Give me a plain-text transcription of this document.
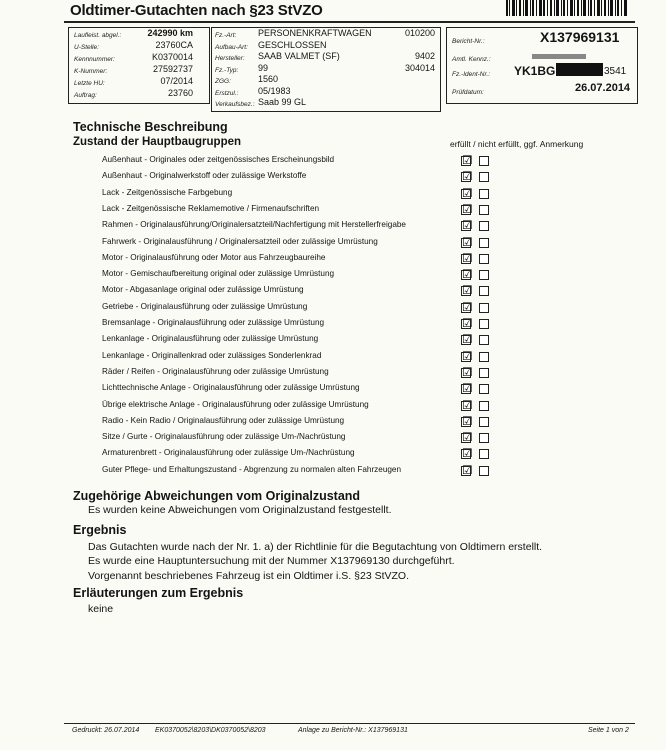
Oldtimer-Gutachten nach §23 StVZO
Laufleist. abgel.:	242990 km
U-Stelle:	23760CA
Kennnummer:	K0370014
K-Nummer:	27592737
Letzte HU:	07/2014
Auftrag:	23760
Fz.-Art: PERSONENKRAFTWAGEN	010200
Aufbau-Art: GESCHLOSSEN
Hersteller: SAAB VALMET (SF)	9402
Fz.-Typ: 99	304014
ZGG:	1560
Erstzul.: 05/1983
Verkaufsbez.: Saab 99 GL
Bericht-Nr.:	X137969131
Amtl. Kennz.:
Fz.-Ident-Nr.: YK1BG	3541
Prüfdatum:	26.07.2014
Technische Beschreibung
Zustand der Hauptbaugruppen	erfüllt / nicht erfüllt, ggf. Anmerkung
Außenhaut - Originales oder zeitgenössisches Erscheinungsbild	☑
Außenhaut - Originalwerkstoff oder zulässige Werkstoffe	☑
Lack - Zeitgenössische Farbgebung	☑
Lack - Zeitgenössische Reklamemotive / Firmenaufschriften	☑
Rahmen - Originalausführung/Originalersatzteil/Nachfertigung mit Herstellerfreigabe	☑
Fahrwerk - Originalausführung / Originalersatzteil oder zulässige Umrüstung	☑
Motor - Originalausführung oder Motor aus Fahrzeugbaureihe	☑
Motor - Gemischaufbereitung original oder zulässige Umrüstung	☑
Motor - Abgasanlage original oder zulässige Umrüstung	☑
Getriebe - Originalausführung oder zulässige Umrüstung	☑
Bremsanlage - Originalausführung oder zulässige Umrüstung	☑
Lenkanlage - Originalausführung oder zulässige Umrüstung	☑
Lenkanlage - Originallenkrad oder zulässiges Sonderlenkrad	☑
Räder / Reifen - Originalausführung oder zulässige Umrüstung	☑
Lichttechnische Anlage - Originalausführung oder zulässige Umrüstung	☑
Übrige elektrische Anlage - Originalausführung oder zulässige Umrüstung	☑
Radio - Kein Radio / Originalausführung oder zulässige Umrüstung	☑
Sitze / Gurte - Originalausführung oder zulässige Um-/Nachrüstung	☑
Armaturenbrett - Originalausführung oder zulässige Um-/Nachrüstung	☑
Guter Pflege- und Erhaltungszustand - Abgrenzung zu normalen alten Fahrzeugen	☑
Zugehörige Abweichungen vom Originalzustand
Es wurden keine Abweichungen vom Originalzustand festgestellt.
Ergebnis
Das Gutachten wurde nach der Nr. 1. a) der Richtlinie für die Begutachtung von Oldtimern erstellt.
Es wurde eine Hauptuntersuchung mit der Nummer X137969130 durchgeführt.
Vorgenannt beschriebenes Fahrzeug ist ein Oldtimer i.S. §23 StVZO.
Erläuterungen zum Ergebnis
keine
Gedruckt: 26.07.2014 EK0370052\8203\DK0370052\8203	Anlage zu Bericht-Nr.: X137969131	Seite 1 von 2
